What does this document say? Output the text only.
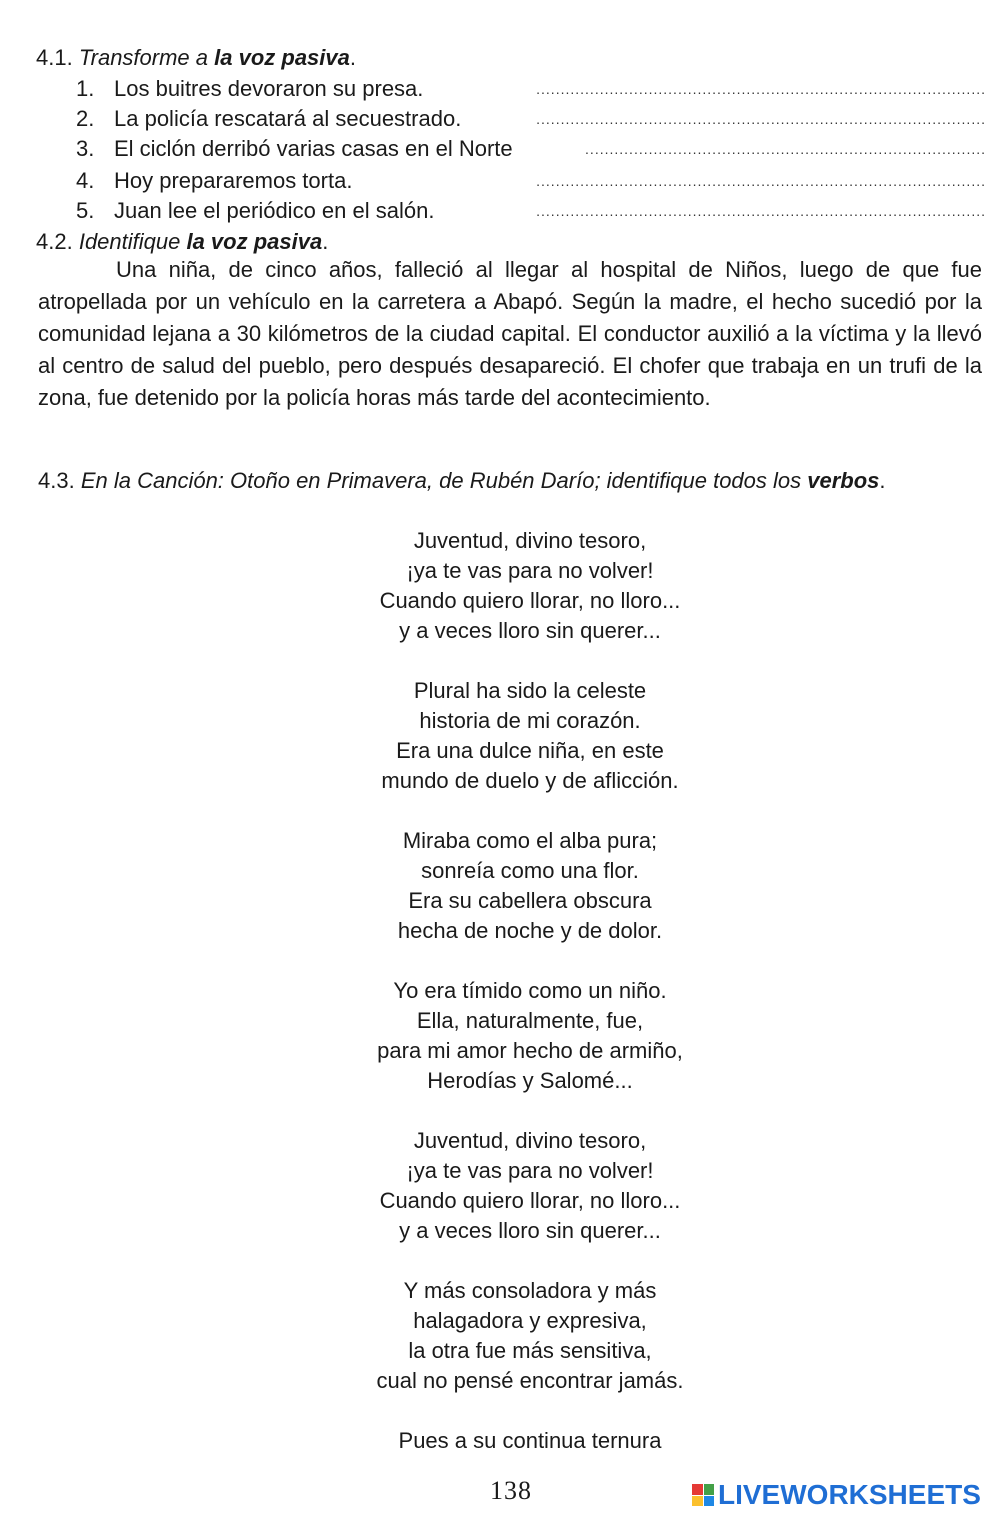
4.1. Transforme a la voz pasiva.
1. Los buitres devoraron su presa.	............................................................................................
2. La policía rescatará al secuestrado.	............................................................................................
3. El ciclón derribó varias casas en el Norte	..................................................................................
4. Hoy prepararemos torta.	............................................................................................
5. Juan lee el periódico en el salón.	............................................................................................
4.2. Identifique la voz pasiva.

Una niña, de cinco años, falleció al llegar al hospital de Niños, luego de que fue atropellada por un vehículo en la carretera a Abapó. Según la madre, el hecho sucedió por la comunidad lejana a 30 kilómetros de la ciudad capital. El conductor auxilió a la víctima y la llevó al centro de salud del pueblo, pero después desapareció. El chofer que trabaja en un trufi de la zona, fue detenido por la policía horas más tarde del acontecimiento.

4.3. En la Canción: Otoño en Primavera, de Rubén Darío; identifique todos los verbos.
Juventud, divino tesoro,
¡ya te vas para no volver!
Cuando quiero llorar, no lloro...
y a veces lloro sin querer...
Plural ha sido la celeste
historia de mi corazón.
Era una dulce niña, en este
mundo de duelo y de aflicción.
Miraba como el alba pura;
sonreía como una flor.
Era su cabellera obscura
hecha de noche y de dolor.
Yo era tímido como un niño.
Ella, naturalmente, fue,
para mi amor hecho de armiño,
Herodías y Salomé...
Juventud, divino tesoro,
¡ya te vas para no volver!
Cuando quiero llorar, no lloro...
y a veces lloro sin querer...
Y más consoladora y más
halagadora y expresiva,
la otra fue más sensitiva,
cual no pensé encontrar jamás.
Pues a su continua ternura
138	LIVEWORKSHEETS
